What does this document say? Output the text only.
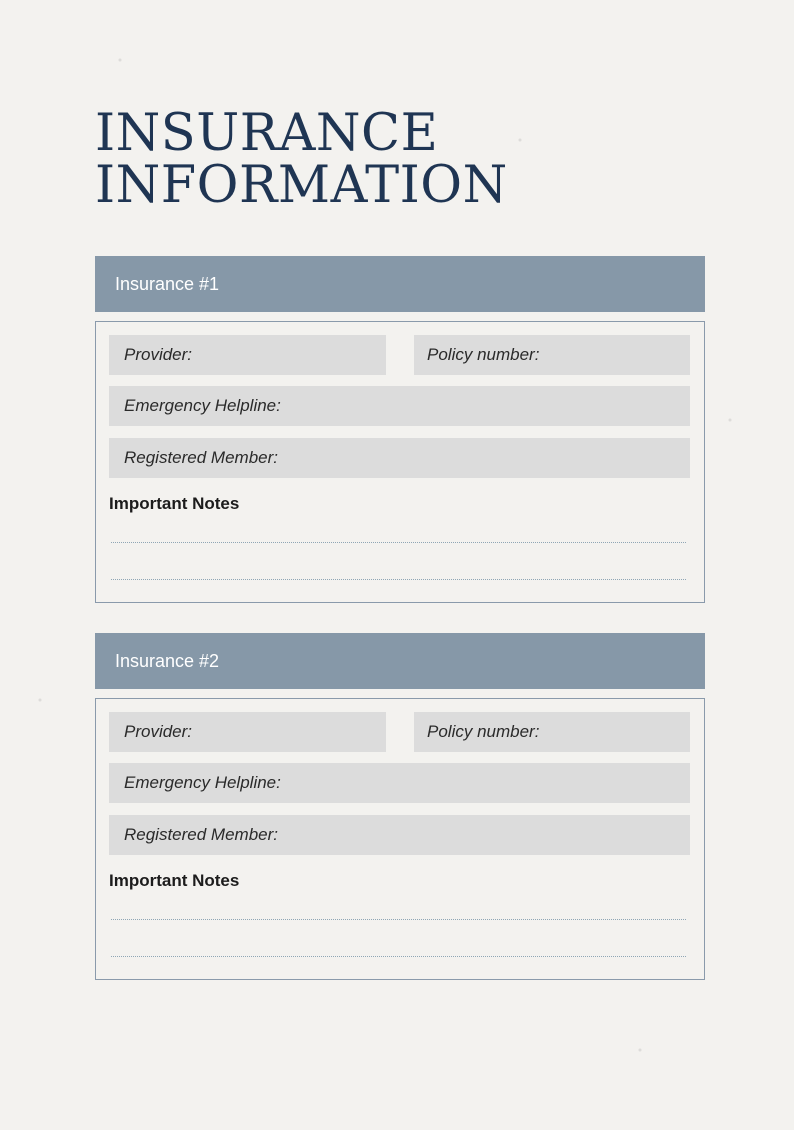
INSURANCE
INFORMATION
Insurance #1
Provider:	Policy number:
Emergency Helpline:
Registered Member:
Important Notes
Insurance #2
Provider:	Policy number:
Emergency Helpline:
Registered Member:
Important Notes
